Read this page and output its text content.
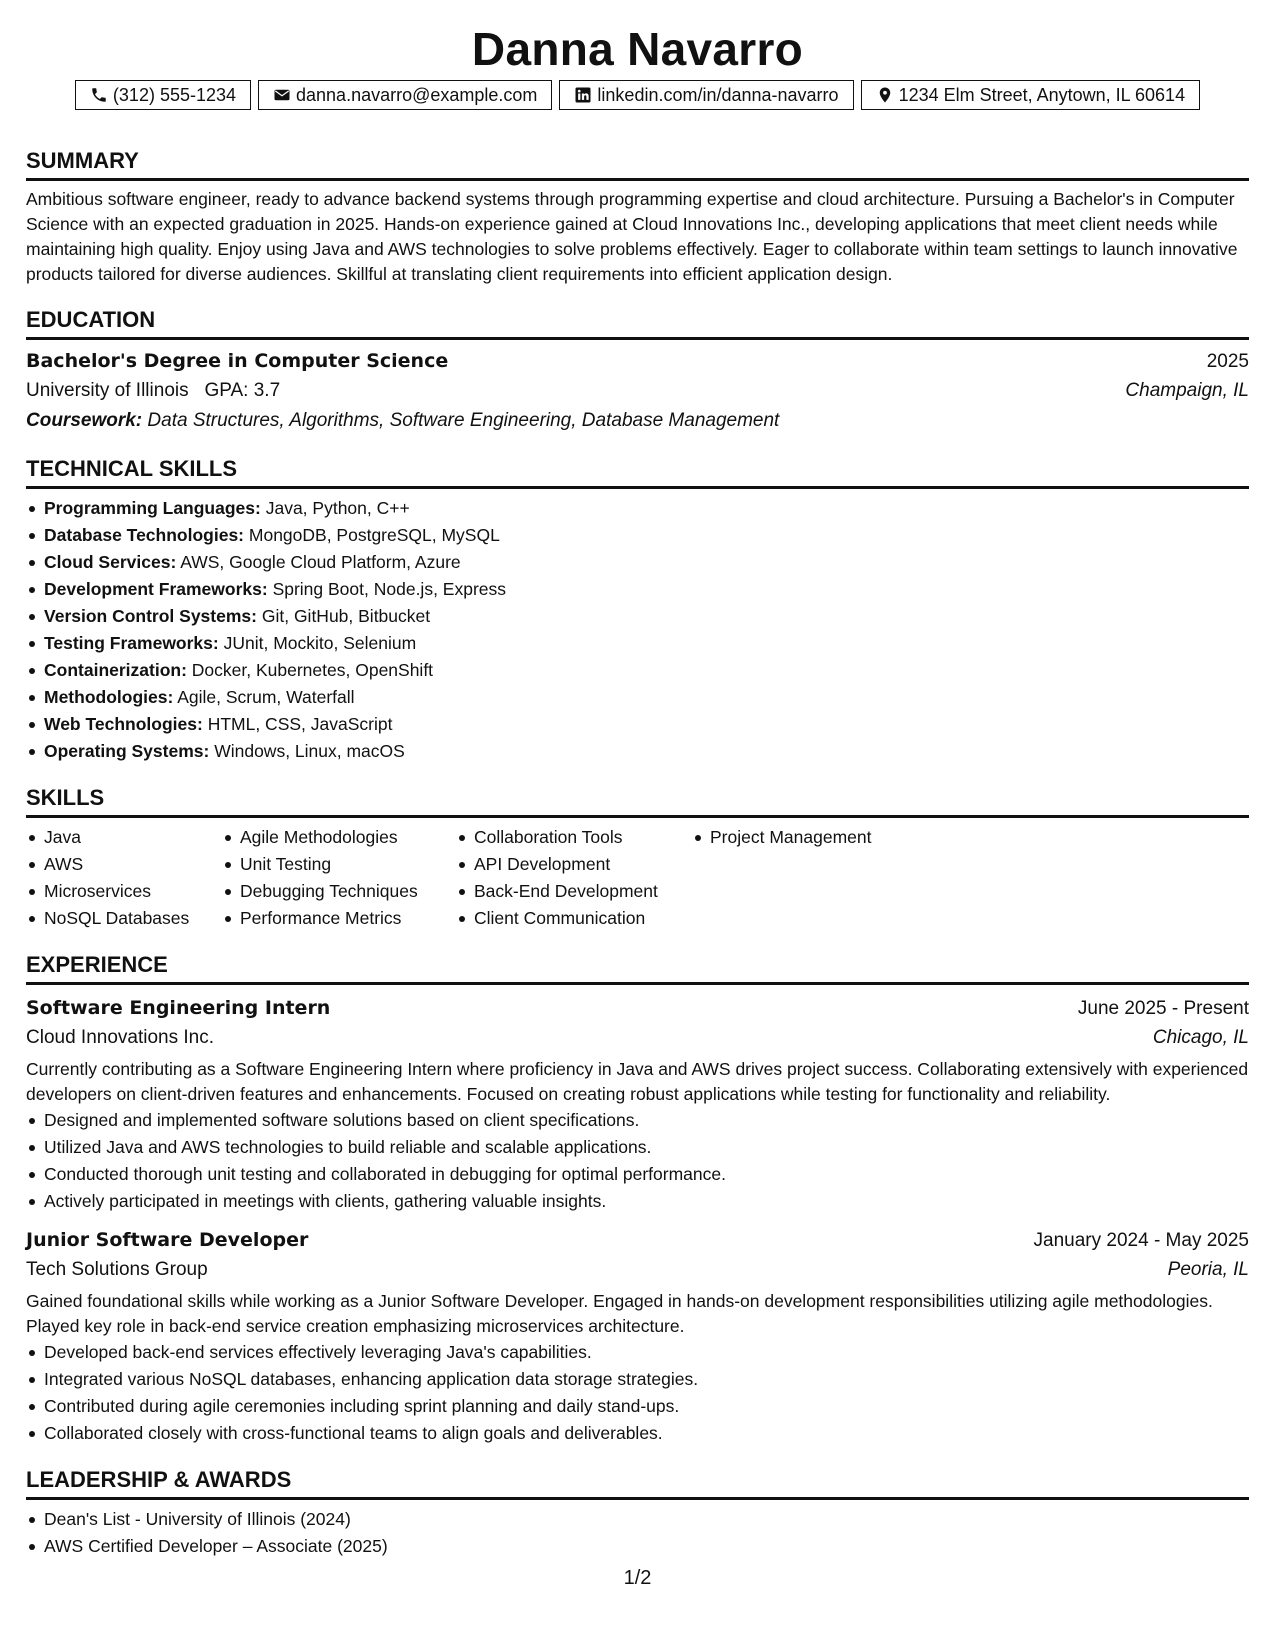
Danna Navarro
(312) 555-1234	danna.navarro@example.com	linkedin.com/in/danna-navarro	1234 Elm Street, Anytown, IL 60614
SUMMARY

Ambitious software engineer, ready to advance backend systems through programming expertise and cloud architecture. Pursuing a Bachelor's in Computer Science with an expected graduation in 2025. Hands-on experience gained at Cloud Innovations Inc., developing applications that meet client needs while maintaining high quality. Enjoy using Java and AWS technologies to solve problems effectively. Eager to collaborate within team settings to launch innovative products tailored for diverse audiences. Skillful at translating client requirements into efficient application design.

EDUCATION
Bachelor's Degree in Computer Science	2025
University of Illinois GPA: 3.7	Champaign, IL
Coursework: Data Structures, Algorithms, Software Engineering, Database Management
TECHNICAL SKILLS
Programming Languages: Java, Python, C++
Database Technologies: MongoDB, PostgreSQL, MySQL
Cloud Services: AWS, Google Cloud Platform, Azure
Development Frameworks: Spring Boot, Node.js, Express
Version Control Systems: Git, GitHub, Bitbucket
Testing Frameworks: JUnit, Mockito, Selenium
Containerization: Docker, Kubernetes, OpenShift
Methodologies: Agile, Scrum, Waterfall
Web Technologies: HTML, CSS, JavaScript
Operating Systems: Windows, Linux, macOS
SKILLS
Java
AWS
Microservices
NoSQL Databases
Agile Methodologies
Unit Testing
Debugging Techniques
Performance Metrics
Collaboration Tools
API Development
Back-End Development
Client Communication
Project Management
EXPERIENCE
Software Engineering Intern	June 2025 - Present
Cloud Innovations Inc.	Chicago, IL

Currently contributing as a Software Engineering Intern where proficiency in Java and AWS drives project success. Collaborating extensively with experienced developers on client-driven features and enhancements. Focused on creating robust applications while testing for functionality and reliability.

Designed and implemented software solutions based on client specifications.
Utilized Java and AWS technologies to build reliable and scalable applications.
Conducted thorough unit testing and collaborated in debugging for optimal performance.
Actively participated in meetings with clients, gathering valuable insights.
Junior Software Developer	January 2024 - May 2025
Tech Solutions Group	Peoria, IL

Gained foundational skills while working as a Junior Software Developer. Engaged in hands-on development responsibilities utilizing agile methodologies. Played key role in back-end service creation emphasizing microservices architecture.

Developed back-end services effectively leveraging Java's capabilities.
Integrated various NoSQL databases, enhancing application data storage strategies.
Contributed during agile ceremonies including sprint planning and daily stand-ups.
Collaborated closely with cross-functional teams to align goals and deliverables.
LEADERSHIP & AWARDS
Dean's List - University of Illinois (2024)
AWS Certified Developer – Associate (2025)
1/2
